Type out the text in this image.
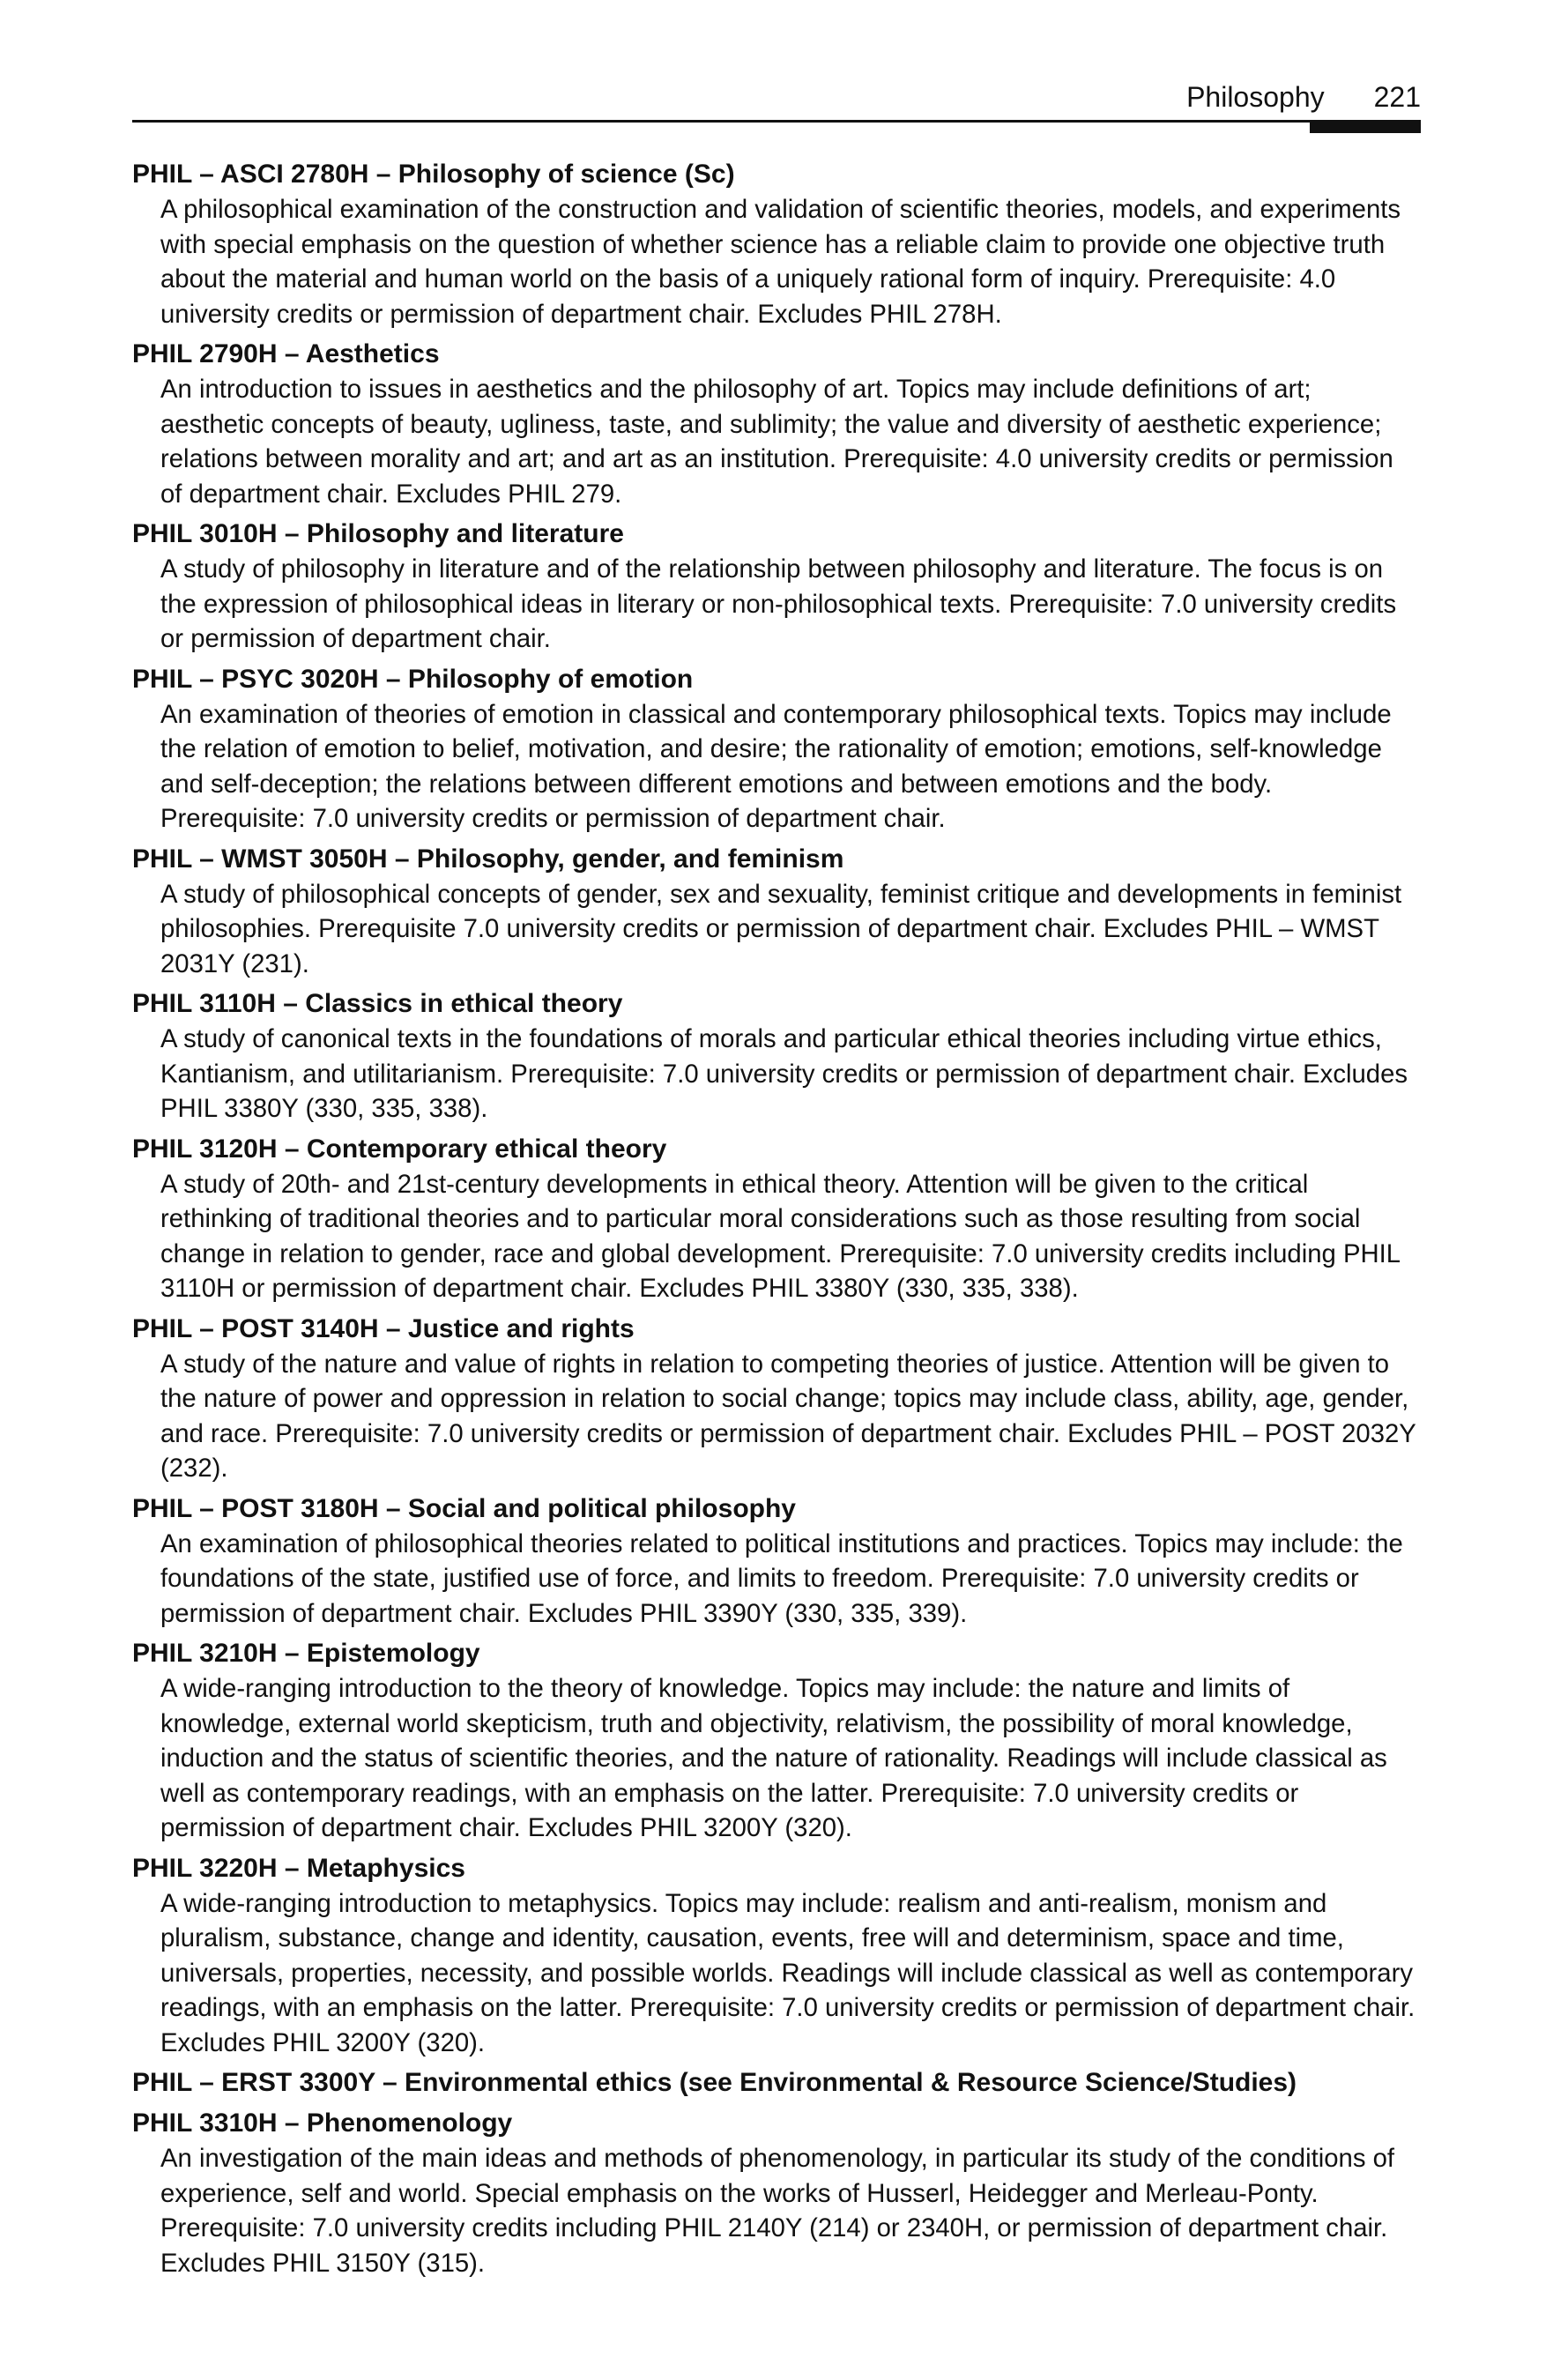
Philosophy 221

PHIL – ASCI 2780H – Philosophy of science (Sc)

A philosophical examination of the construction and validation of scientific theories, models, and experiments with special emphasis on the question of whether science has a reliable claim to provide one objective truth about the material and human world on the basis of a uniquely rational form of inquiry. Prerequisite: 4.0 university credits or permission of department chair. Excludes PHIL 278H.

PHIL 2790H – Aesthetics

An introduction to issues in aesthetics and the philosophy of art. Topics may include definitions of art; aesthetic concepts of beauty, ugliness, taste, and sublimity; the value and diversity of aesthetic experience; relations between morality and art; and art as an institution. Prerequisite: 4.0 university credits or permission of department chair. Excludes PHIL 279.

PHIL 3010H – Philosophy and literature

A study of philosophy in literature and of the relationship between philosophy and literature. The focus is on the expression of philosophical ideas in literary or non-philosophical texts. Prerequisite: 7.0 university credits or permission of department chair.

PHIL – PSYC 3020H – Philosophy of emotion

An examination of theories of emotion in classical and contemporary philosophical texts. Topics may include the relation of emotion to belief, motivation, and desire; the rationality of emotion; emotions, self-knowledge and self-deception; the relations between different emotions and between emotions and the body. Prerequisite: 7.0 university credits or permission of department chair.

PHIL – WMST 3050H – Philosophy, gender, and feminism

A study of philosophical concepts of gender, sex and sexuality, feminist critique and developments in feminist philosophies. Prerequisite 7.0 university credits or permission of department chair. Excludes PHIL – WMST 2031Y (231).

PHIL 3110H – Classics in ethical theory

A study of canonical texts in the foundations of morals and particular ethical theories including virtue ethics, Kantianism, and utilitarianism. Prerequisite: 7.0 university credits or permission of department chair. Excludes PHIL 3380Y (330, 335, 338).

PHIL 3120H – Contemporary ethical theory

A study of 20th- and 21st-century developments in ethical theory. Attention will be given to the critical rethinking of traditional theories and to particular moral considerations such as those resulting from social change in relation to gender, race and global development. Prerequisite: 7.0 university credits including PHIL 3110H or permission of department chair. Excludes PHIL 3380Y (330, 335, 338).

PHIL – POST 3140H – Justice and rights

A study of the nature and value of rights in relation to competing theories of justice. Attention will be given to the nature of power and oppression in relation to social change; topics may include class, ability, age, gender, and race. Prerequisite: 7.0 university credits or permission of department chair. Excludes PHIL – POST 2032Y (232).

PHIL – POST 3180H – Social and political philosophy

An examination of philosophical theories related to political institutions and practices. Topics may include: the foundations of the state, justified use of force, and limits to freedom. Prerequisite: 7.0 university credits or permission of department chair. Excludes PHIL 3390Y (330, 335, 339).

PHIL 3210H – Epistemology

A wide-ranging introduction to the theory of knowledge. Topics may include: the nature and limits of knowledge, external world skepticism, truth and objectivity, relativism, the possibility of moral knowledge, induction and the status of scientific theories, and the nature of rationality. Readings will include classical as well as contemporary readings, with an emphasis on the latter. Prerequisite: 7.0 university credits or permission of department chair. Excludes PHIL 3200Y (320).

PHIL 3220H – Metaphysics

A wide-ranging introduction to metaphysics. Topics may include: realism and anti-realism, monism and pluralism, substance, change and identity, causation, events, free will and determinism, space and time, universals, properties, necessity, and possible worlds. Readings will include classical as well as contemporary readings, with an emphasis on the latter. Prerequisite: 7.0 university credits or permission of department chair. Excludes PHIL 3200Y (320).

PHIL – ERST 3300Y – Environmental ethics (see Environmental & Resource Science/Studies)

PHIL 3310H – Phenomenology

An investigation of the main ideas and methods of phenomenology, in particular its study of the conditions of experience, self and world. Special emphasis on the works of Husserl, Heidegger and Merleau-Ponty. Prerequisite: 7.0 university credits including PHIL 2140Y (214) or 2340H, or permission of department chair. Excludes PHIL 3150Y (315).
